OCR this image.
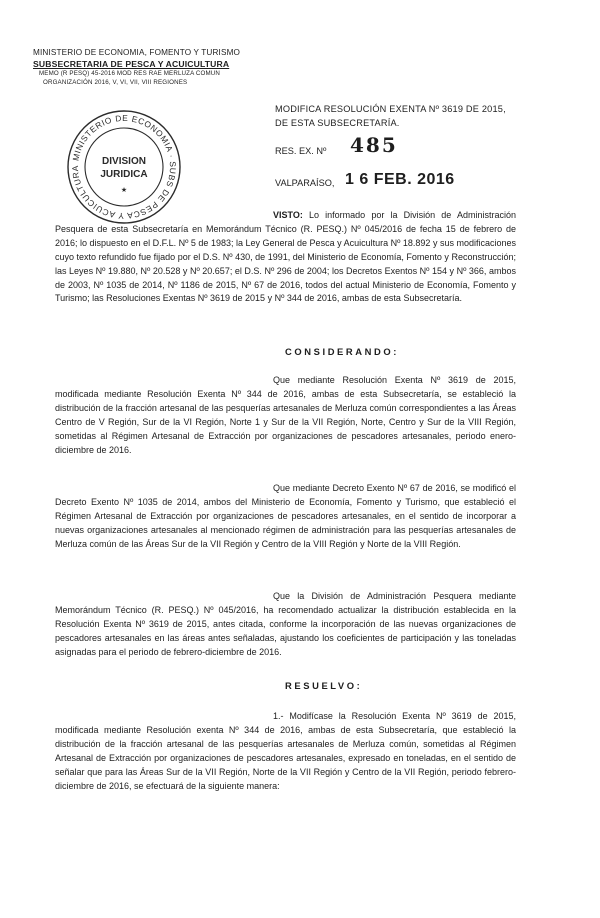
MINISTERIO DE ECONOMIA, FOMENTO Y TURISMO
SUBSECRETARIA DE PESCA Y ACUICULTURA
MEMO (R PESQ) 45-2016 MOD RES RAE MERLUZA COMUN
ORGANIZACIÓN 2016, V, VI, VII, VIII REGIONES
MINISTERIO DE ECONOMIA · SUBS DE PESCA Y ACUICULTURA
DIVISION
JURIDICA
★
MODIFICA RESOLUCIÓN EXENTA Nº 3619 DE 2015,
DE ESTA SUBSECRETARÍA.
RES. EX. Nº 485
VALPARAÍSO, 1 6 FEB. 2016
VISTO: Lo informado por la División de Administración Pesquera de esta Subsecretaría en Memorándum Técnico (R. PESQ.) Nº 045/2016 de fecha 15 de febrero de 2016; lo dispuesto en el D.F.L. Nº 5 de 1983; la Ley General de Pesca y Acuicultura Nº 18.892 y sus modificaciones cuyo texto refundido fue fijado por el D.S. Nº 430, de 1991, del Ministerio de Economía, Fomento y Reconstrucción; las Leyes Nº 19.880, Nº 20.528 y Nº 20.657; el D.S. Nº 296 de 2004; los Decretos Exentos Nº 154 y Nº 366, ambos de 2003, Nº 1035 de 2014, Nº 1186 de 2015, Nº 67 de 2016, todos del actual Ministerio de Economía, Fomento y Turismo; las Resoluciones Exentas Nº 3619 de 2015 y Nº 344 de 2016, ambas de esta Subsecretaría.
CONSIDERANDO:
Que mediante Resolución Exenta Nº 3619 de 2015, modificada mediante Resolución Exenta Nº 344 de 2016, ambas de esta Subsecretaría, se estableció la distribución de la fracción artesanal de las pesquerías artesanales de Merluza común correspondientes a las Áreas Centro de V Región, Sur de la VI Región, Norte 1 y Sur de la VII Región, Norte, Centro y Sur de la VIII Región, sometidas al Régimen Artesanal de Extracción por organizaciones de pescadores artesanales, periodo enero-diciembre de 2016.
Que mediante Decreto Exento Nº 67 de 2016, se modificó el Decreto Exento Nº 1035 de 2014, ambos del Ministerio de Economía, Fomento y Turismo, que estableció el Régimen Artesanal de Extracción por organizaciones de pescadores artesanales, en el sentido de incorporar a nuevas organizaciones artesanales al mencionado régimen de administración para las pesquerías artesanales de Merluza común de las Áreas Sur de la VII Región y Centro de la VIII Región y Norte de la VIII Región.
Que la División de Administración Pesquera mediante Memorándum Técnico (R. PESQ.) Nº 045/2016, ha recomendado actualizar la distribución establecida en la Resolución Exenta Nº 3619 de 2015, antes citada, conforme la incorporación de las nuevas organizaciones de pescadores artesanales en las áreas antes señaladas, ajustando los coeficientes de participación y las toneladas asignadas para el periodo de febrero-diciembre de 2016.
RESUELVO:
1.- Modifícase la Resolución Exenta Nº 3619 de 2015, modificada mediante Resolución exenta Nº 344 de 2016, ambas de esta Subsecretaría, que estableció la distribución de la fracción artesanal de las pesquerías artesanales de Merluza común, sometidas al Régimen Artesanal de Extracción por organizaciones de pescadores artesanales, expresado en toneladas, en el sentido de señalar que para las Áreas Sur de la VII Región, Norte de la VII Región y Centro de la VII Región, periodo febrero-diciembre de 2016, se efectuará de la siguiente manera:
